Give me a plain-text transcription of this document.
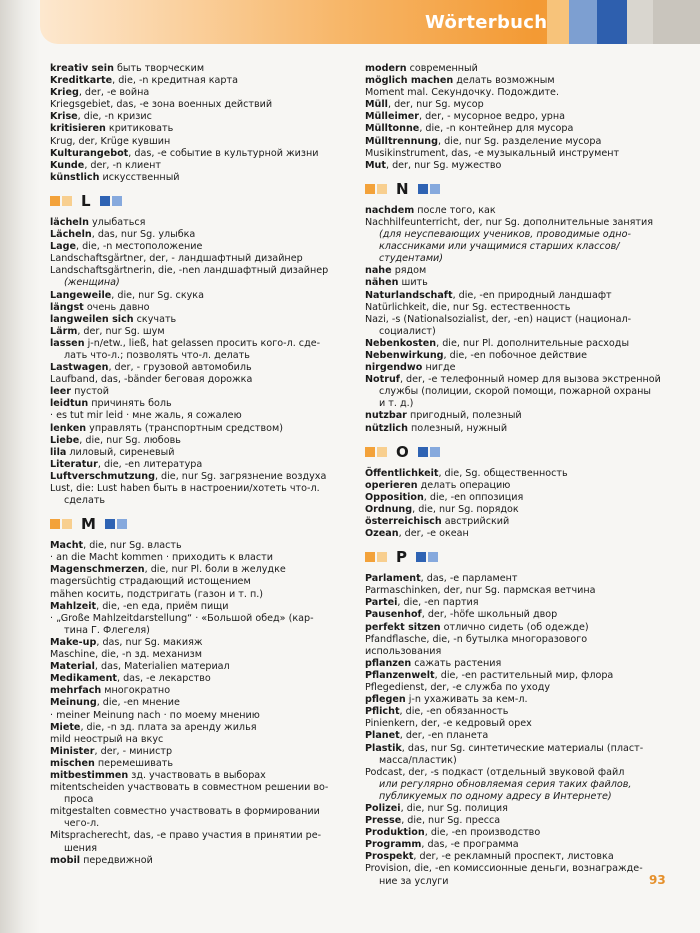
Wörterbuch
kreativ sein быть творческим
Kreditkarte, die, -n кредитная карта
Krieg, der, -e война
Kriegsgebiet, das, -e зона военных действий
Krise, die, -n кризис
kritisieren критиковать
Krug, der, Krüge кувшин
Kulturangebot, das, -e событие в культурной жизни
Kunde, der, -n клиент
künstlich искусственный
L
lächeln улыбаться
Lächeln, das, nur Sg. улыбка
Lage, die, -n местоположение
Landschaftsgärtner, der, - ландшафтный дизайнер
Landschaftsgärtnerin, die, -nen ландшафтный дизайнер
(женщина)
Langeweile, die, nur Sg. скука
längst очень давно
langweilen sich скучать
Lärm, der, nur Sg. шум
lassen j-n/etw., ließ, hat gelassen просить кого-л. сде-
лать что-л.; позволять что-л. делать
Lastwagen, der, - грузовой автомобиль
Laufband, das, -bänder беговая дорожка
leer пустой
leidtun причинять боль
· es tut mir leid · мне жаль, я сожалею
lenken управлять (транспортным средством)
Liebe, die, nur Sg. любовь
lila лиловый, сиреневый
Literatur, die, -en литература
Luftverschmutzung, die, nur Sg. загрязнение воздуха
Lust, die: Lust haben быть в настроении/хотеть что-л.
сделать
M
Macht, die, nur Sg. власть
· an die Macht kommen · приходить к власти
Magenschmerzen, die, nur Pl. боли в желудке
magersüchtig страдающий истощением
mähen косить, подстригать (газон и т. п.)
Mahlzeit, die, -en еда, приём пищи
· „Große Mahlzeitdarstellung“ · «Большой обед» (кар-
тина Г. Флегеля)
Make-up, das, nur Sg. макияж
Maschine, die, -n зд. механизм
Material, das, Materialien материал
Medikament, das, -e лекарство
mehrfach многократно
Meinung, die, -en мнение
· meiner Meinung nach · по моему мнению
Miete, die, -n зд. плата за аренду жилья
mild неострый на вкус
Minister, der, - министр
mischen перемешивать
mitbestimmen зд. участвовать в выборах
mitentscheiden участвовать в совместном решении во-
проса
mitgestalten совместно участвовать в формировании
чего-л.
Mitspracherecht, das, -e право участия в принятии ре-
шения
mobil передвижной
modern современный
möglich machen делать возможным
Moment mal. Секундочку. Подождите.
Müll, der, nur Sg. мусор
Mülleimer, der, - мусорное ведро, урна
Mülltonne, die, -n контейнер для мусора
Mülltrennung, die, nur Sg. разделение мусора
Musikinstrument, das, -e музыкальный инструмент
Mut, der, nur Sg. мужество
N
nachdem после того, как
Nachhilfeunterricht, der, nur Sg. дополнительные занятия
(для неуспевающих учеников, проводимые одно-
классниками или учащимися старших классов/
студентами)
nahe рядом
nähen шить
Naturlandschaft, die, -en природный ландшафт
Natürlichkeit, die, nur Sg. естественность
Nazi, -s (Nationalsozialist, der, -en) нацист (национал-
социалист)
Nebenkosten, die, nur Pl. дополнительные расходы
Nebenwirkung, die, -en побочное действие
nirgendwo нигде
Notruf, der, -e телефонный номер для вызова экстренной
службы (полиции, скорой помощи, пожарной охраны
и т. д.)
nutzbar пригодный, полезный
nützlich полезный, нужный
O
Öffentlichkeit, die, Sg. общественность
operieren делать операцию
Opposition, die, -en оппозиция
Ordnung, die, nur Sg. порядок
österreichisch австрийский
Ozean, der, -e океан
P
Parlament, das, -e парламент
Parmaschinken, der, nur Sg. пармская ветчина
Partei, die, -en партия
Pausenhof, der, -höfe школьный двор
perfekt sitzen отлично сидеть (об одежде)
Pfandflasche, die, -n бутылка многоразового использования
pflanzen сажать растения
Pflanzenwelt, die, -en растительный мир, флора
Pflegedienst, der, -e служба по уходу
pflegen j-n ухаживать за кем-л.
Pflicht, die, -en обязанность
Pinienkern, der, -e кедровый орех
Planet, der, -en планета
Plastik, das, nur Sg. синтетические материалы (пласт-
масса/пластик)
Podcast, der, -s подкаст (отдельный звуковой файл
или регулярно обновляемая серия таких файлов,
публикуемых по одному адресу в Интернете)
Polizei, die, nur Sg. полиция
Presse, die, nur Sg. пресса
Produktion, die, -en производство
Programm, das, -e программа
Prospekt, der, -e рекламный проспект, листовка
Provision, die, -en комиссионные деньги, вознагражде-
ние за услуги	93
